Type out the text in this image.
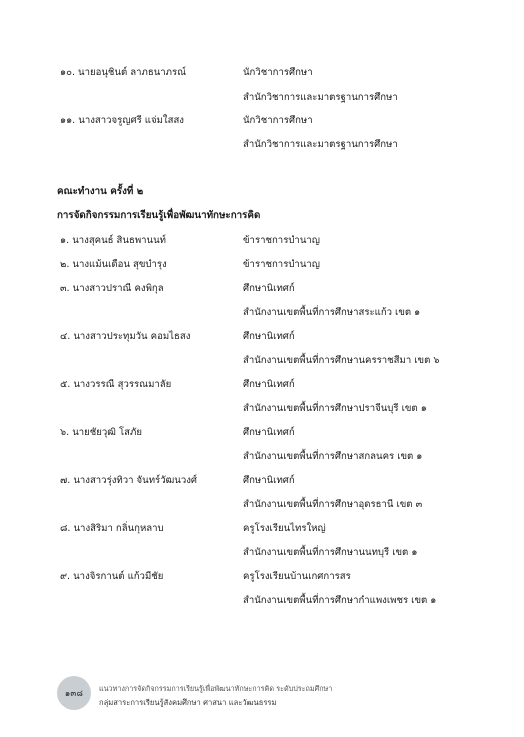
๑๐. นายอนุชินต์ ลาภธนาภรณ์	นักวิชาการศึกษา
สำนักวิชาการและมาตรฐานการศึกษา
๑๑. นางสาวจรูญศรี แจ่มใสสง	นักวิชาการศึกษา
สำนักวิชาการและมาตรฐานการศึกษา
คณะทำงาน ครั้งที่ ๒
การจัดกิจกรรมการเรียนรู้เพื่อพัฒนาทักษะการคิด
๑. นางสุคนธ์ สินธพานนท์	ข้าราชการบำนาญ
๒. นางแม้นเดือน สุขบำรุง	ข้าราชการบำนาญ
๓. นางสาวปราณี คงพิกุล	ศึกษานิเทศก์
สำนักงานเขตพื้นที่การศึกษาสระแก้ว เขต ๑
๔. นางสาวประทุมวัน คอมไธสง	ศึกษานิเทศก์
สำนักงานเขตพื้นที่การศึกษานครราชสีมา เขต ๖
๕. นางวรรณี สุวรรณมาลัย	ศึกษานิเทศก์
สำนักงานเขตพื้นที่การศึกษาปราจีนบุรี เขต ๑
๖. นายชัยวุฒิ โสภัย	ศึกษานิเทศก์
สำนักงานเขตพื้นที่การศึกษาสกลนคร เขต ๑
๗. นางสาวรุ่งทิวา จันทร์วัฒนวงศ์	ศึกษานิเทศก์
สำนักงานเขตพื้นที่การศึกษาอุดรธานี เขต ๓
๘. นางสิริมา กลิ่นกุหลาบ	ครูโรงเรียนไทรใหญ่
สำนักงานเขตพื้นที่การศึกษานนทบุรี เขต ๑
๙. นางจิรกานต์ แก้วมีชัย	ครูโรงเรียนบ้านเกศการสร
สำนักงานเขตพื้นที่การศึกษากำแพงเพชร เขต ๑
๑๓๘
แนวทางการจัดกิจกรรมการเรียนรู้เพื่อพัฒนาทักษะการคิด ระดับประถมศึกษา
กลุ่มสาระการเรียนรู้สังคมศึกษา ศาสนา และวัฒนธรรม
